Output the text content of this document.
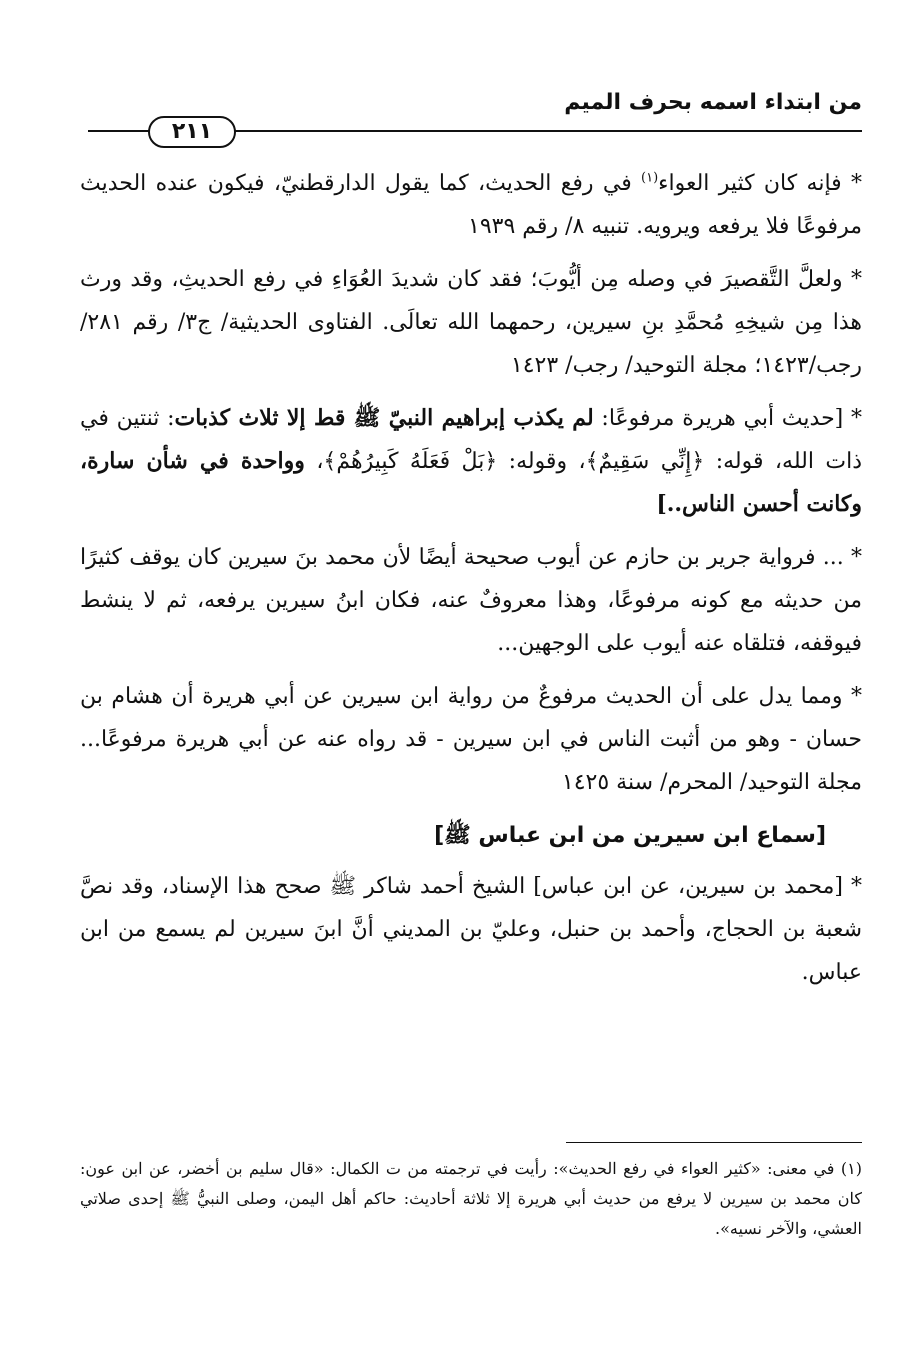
من ابتداء اسمه بحرف الميم
٢١١

* فإنه كان كثير العواء$^{(١)}$ في رفع الحديث، كما يقول الدارقطنيّ، فيكون عنده الحديث مرفوعًا فلا يرفعه ويرويه. تنبيه ٨/ رقم ١٩٣٩

* ولعلَّ التَّقصيرَ في وصله مِن أيُّوبَ؛ فقد كان شديدَ العُوَاءِ في رفع الحديثِ، وقد ورث هذا مِن شيخِهِ مُحمَّدِ بنِ سيرين، رحمهما الله تعالَى. الفتاوى الحديثية/ ج٣/ رقم ٢٨١/ رجب/١٤٢٣؛ مجلة التوحيد/ رجب/ ١٤٢٣

* [حديث أبي هريرة مرفوعًا: لم يكذب إبراهيم النبيّ ﷺ قط إلا ثلاث كذبات: ثنتين في ذات الله، قوله: ﴿إِنِّي سَقِيمٌ﴾، وقوله: ﴿بَلْ فَعَلَهُ كَبِيرُهُمْ﴾، وواحدة في شأن سارة، وكانت أحسن الناس..]

* ... فرواية جرير بن حازم عن أيوب صحيحة أيضًا لأن محمد بنَ سيرين كان يوقف كثيرًا من حديثه مع كونه مرفوعًا، وهذا معروفٌ عنه، فكان ابنُ سيرين يرفعه، ثم لا ينشط فيوقفه، فتلقاه عنه أيوب على الوجهين...

* ومما يدل على أن الحديث مرفوعٌ من رواية ابن سيرين عن أبي هريرة أن هشام بن حسان - وهو من أثبت الناس في ابن سيرين - قد رواه عنه عن أبي هريرة مرفوعًا... مجلة التوحيد/ المحرم/ سنة ١٤٢٥

[سماع ابن سيرين من ابن عباس ﷺ]

* [محمد بن سيرين، عن ابن عباس] الشيخ أحمد شاكر ﷺ صحح هذا الإسناد، وقد نصَّ شعبة بن الحجاج، وأحمد بن حنبل، وعليّ بن المديني أنَّ ابنَ سيرين لم يسمع من ابن عباس.

(١) في معنى: «كثير العواء في رفع الحديث»: رأيت في ترجمته من ت الكمال: «قال سليم بن أخضر، عن ابن عون: كان محمد بن سيرين لا يرفع من حديث أبي هريرة إلا ثلاثة أحاديث: حاكم أهل اليمن، وصلى النبيُّ ﷺ إحدى صلاتي العشي، والآخر نسيه».
